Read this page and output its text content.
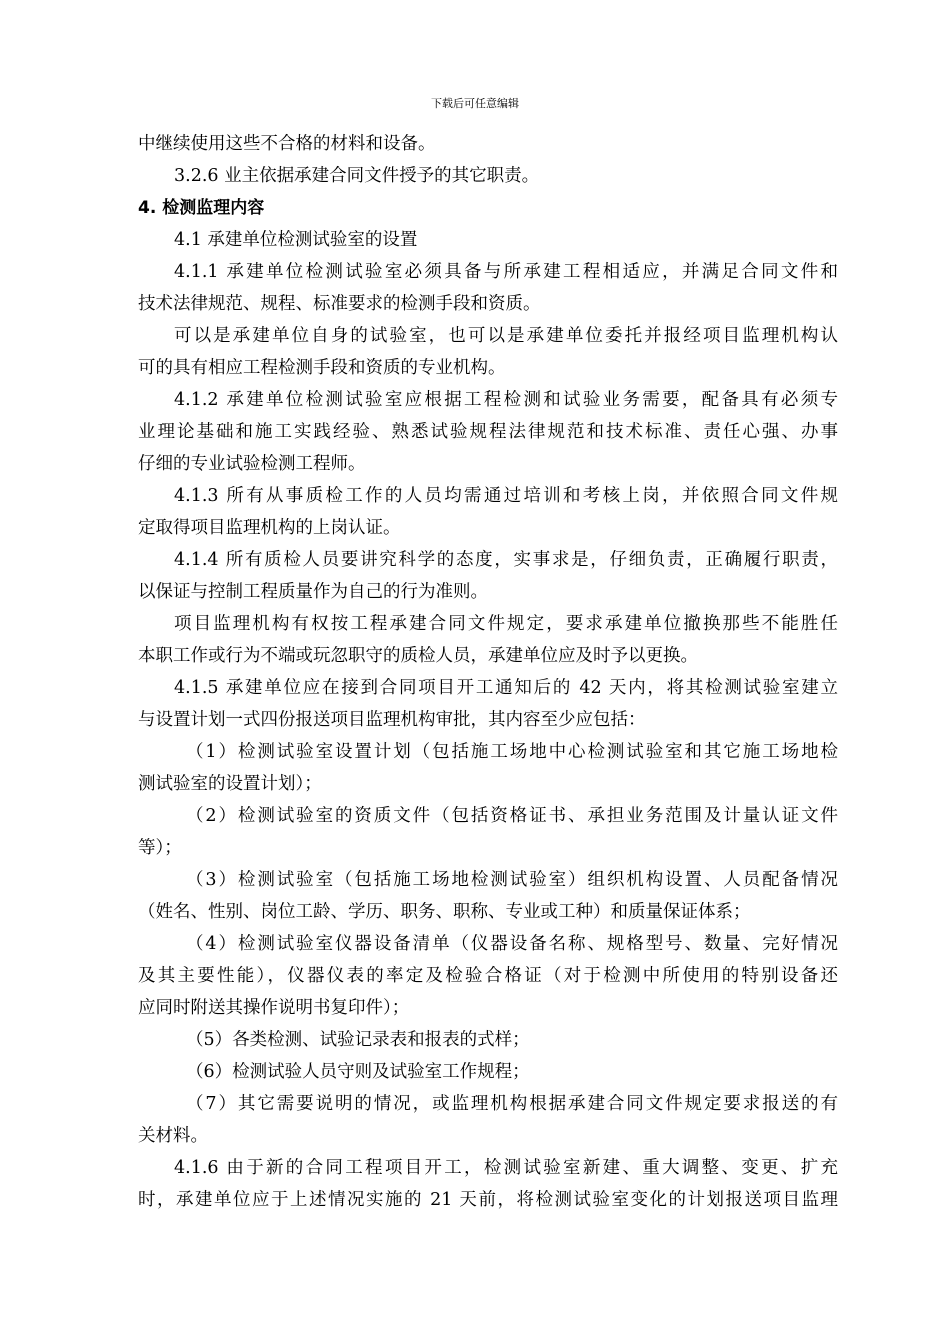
下载后可任意编辑
中继续使用这些不合格的材料和设备。
3.2.6 业主依据承建合同文件授予的其它职责。
4. 检测监理内容
4.1 承建单位检测试验室的设置
4.1.1 承建单位检测试验室必须具备与所承建工程相适应，并满足合同文件和
技术法律规范、规程、标准要求的检测手段和资质。
可以是承建单位自身的试验室，也可以是承建单位委托并报经项目监理机构认
可的具有相应工程检测手段和资质的专业机构。
4.1.2 承建单位检测试验室应根据工程检测和试验业务需要，配备具有必须专
业理论基础和施工实践经验、熟悉试验规程法律规范和技术标准、责任心强、办事
仔细的专业试验检测工程师。
4.1.3 所有从事质检工作的人员均需通过培训和考核上岗，并依照合同文件规
定取得项目监理机构的上岗认证。
4.1.4 所有质检人员要讲究科学的态度，实事求是，仔细负责，正确履行职责，
以保证与控制工程质量作为自己的行为准则。
项目监理机构有权按工程承建合同文件规定，要求承建单位撤换那些不能胜任
本职工作或行为不端或玩忽职守的质检人员，承建单位应及时予以更换。
4.1.5 承建单位应在接到合同项目开工通知后的 42 天内，将其检测试验室建立
与设置计划一式四份报送项目监理机构审批，其内容至少应包括：
（1）检测试验室设置计划（包括施工场地中心检测试验室和其它施工场地检
测试验室的设置计划）；
（2）检测试验室的资质文件（包括资格证书、承担业务范围及计量认证文件
等）；
（3）检测试验室（包括施工场地检测试验室）组织机构设置、人员配备情况
（姓名、性别、岗位工龄、学历、职务、职称、专业或工种）和质量保证体系；
（4）检测试验室仪器设备清单（仪器设备名称、规格型号、数量、完好情况
及其主要性能），仪器仪表的率定及检验合格证（对于检测中所使用的特别设备还
应同时附送其操作说明书复印件）；
（5）各类检测、试验记录表和报表的式样；
（6）检测试验人员守则及试验室工作规程；
（7）其它需要说明的情况，或监理机构根据承建合同文件规定要求报送的有
关材料。
4.1.6 由于新的合同工程项目开工，检测试验室新建、重大调整、变更、扩充
时，承建单位应于上述情况实施的 21 天前，将检测试验室变化的计划报送项目监理
